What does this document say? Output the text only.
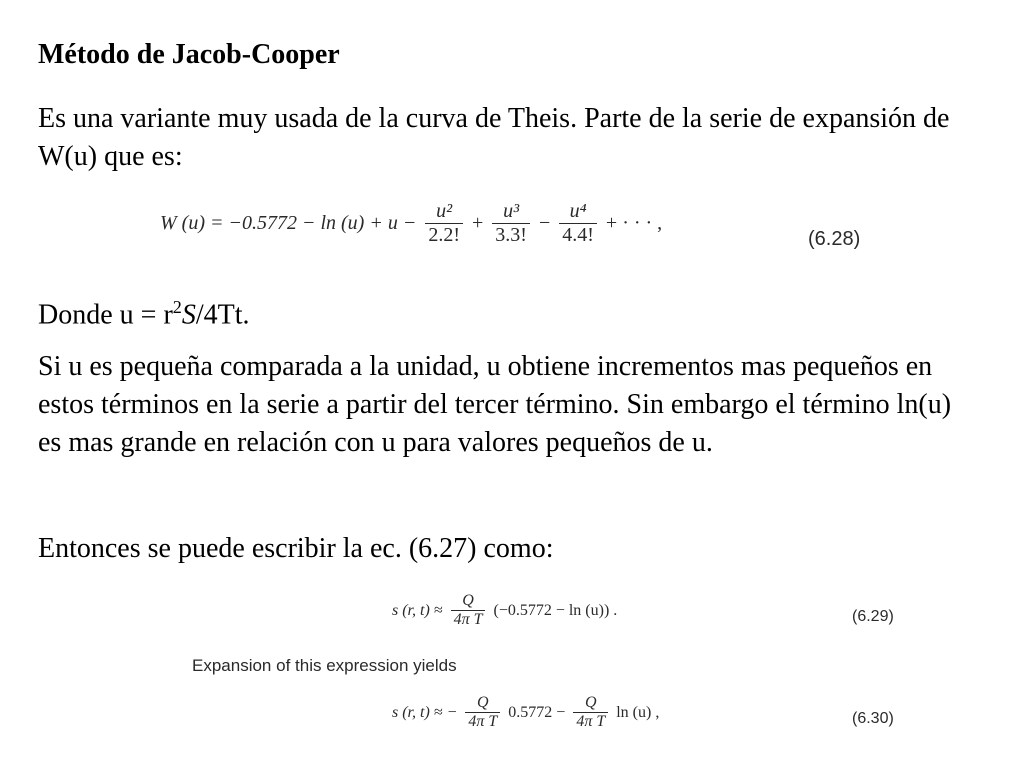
Método de Jacob-Cooper
Es una variante muy usada de la curva de Theis. Parte de la serie de expansión de W(u) que es:
W $(u) = -0.5772 - \ln (u) + u - \frac{\text{u²}}{2.2!} + \frac{\text{u³}}{3.3!} - \frac{\text{u⁴}}{4.4!}$ + · · · ,
(6.28)
Donde $u = r^2S/4Tt$.
Si u es pequeña comparada a la unidad, u obtiene incrementos mas pequeños en estos términos en la serie a partir del tercer término. Sin embargo el término ln(u) es mas grande en relación con u para valores pequeños de u.
Entonces se puede escribir la ec. (6.27) como:
s (r, $t) \approx \frac{Q}{\text{4π T}} (-0.5772 - \ln (u))$ .	(6.29)
Expansion of this expression yields
s (r, t) ≈ − $\frac{Q}{\text{4π T}} 0.5772 - \frac{Q}{\text{4π T}}$ ln (u) ,	(6.30)
